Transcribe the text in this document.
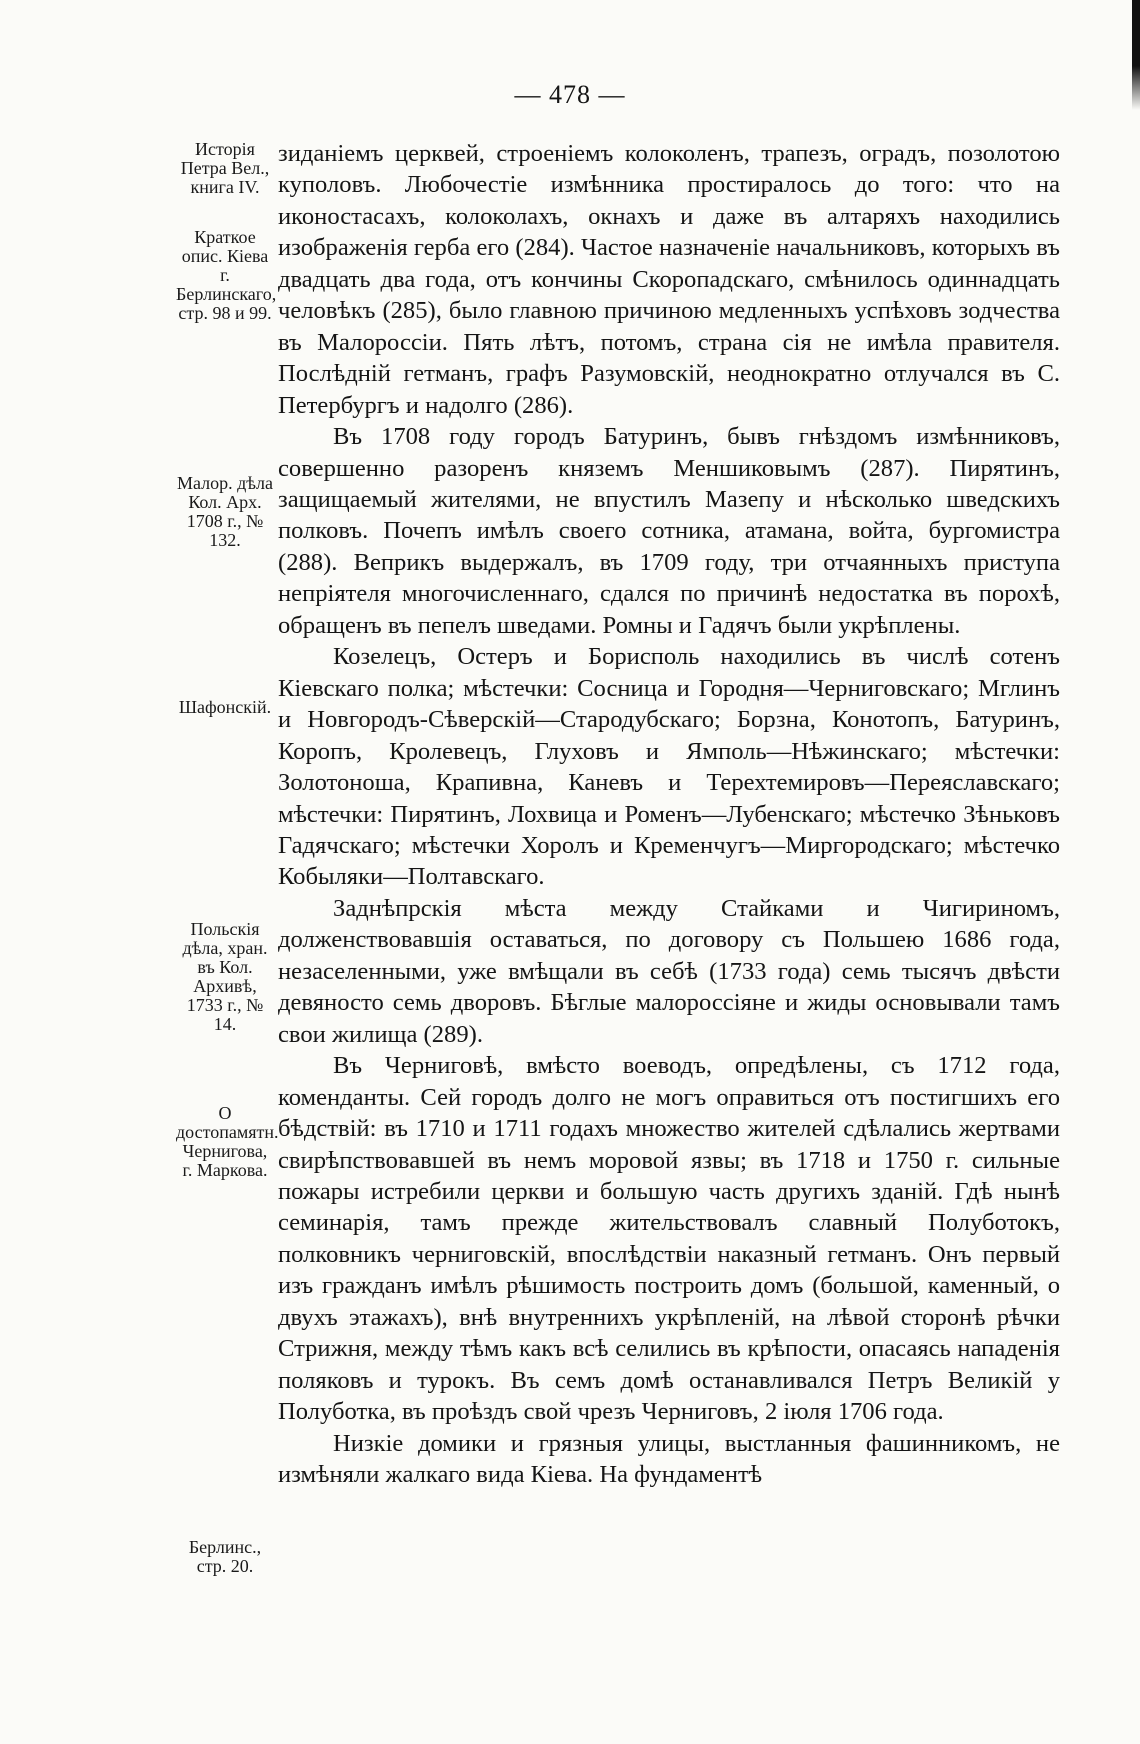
— 478 —

зиданіемъ церквей, строеніемъ колоколенъ, трапезъ, оградъ, позолотою куполовъ. Любочестіе измѣнника простиралось до того: что на иконостасахъ, колоколахъ, окнахъ и даже въ алтаряхъ находились изображенія герба его (284). Частое назначеніе начальниковъ, которыхъ въ двадцать два года, отъ кончины Скоропадскаго, смѣнилось одиннадцать человѣкъ (285), было главною причиною медленныхъ успѣховъ зодчества въ Малороссіи. Пять лѣтъ, потомъ, страна сія не имѣла правителя. Послѣдній гетманъ, графъ Разумовскій, неоднократно отлучался въ С. Петербургъ и надолго (286).

Въ 1708 году городъ Батуринъ, бывъ гнѣздомъ измѣнниковъ, совершенно разоренъ княземъ Меншиковымъ (287). Пирятинъ, защищаемый жителями, не впустилъ Мазепу и нѣсколько шведскихъ полковъ. Почепъ имѣлъ своего сотника, атамана, войта, бургомистра (288). Веприкъ выдержалъ, въ 1709 году, три отчаянныхъ приступа непріятеля многочисленнаго, сдался по причинѣ недостатка въ порохѣ, обращенъ въ пепелъ шведами. Ромны и Гадячъ были укрѣплены.

Козелецъ, Остеръ и Борисполь находились въ числѣ сотенъ Кіевскаго полка; мѣстечки: Сосница и Городня—Черниговскаго; Мглинъ и Новгородъ-Сѣверскій—Стародубскаго; Борзна, Конотопъ, Батуринъ, Коропъ, Кролевецъ, Глуховъ и Ямполь—Нѣжинскаго; мѣстечки: Золотоноша, Крапивна, Каневъ и Терехтемировъ—Переяславскаго; мѣстечки: Пирятинъ, Лохвица и Роменъ—Лубенскаго; мѣстечко Зѣньковъ Гадячскаго; мѣстечки Хоролъ и Кременчугъ—Миргородскаго; мѣстечко Кобыляки—Полтавскаго.

Заднѣпрскія мѣста между Стайками и Чигириномъ, долженствовавшія оставаться, по договору съ Польшею 1686 года, незаселенными, уже вмѣщали въ себѣ (1733 года) семь тысячъ двѣсти девяносто семь дворовъ. Бѣглые малороссіяне и жиды основывали тамъ свои жилища (289).

Въ Черниговѣ, вмѣсто воеводъ, опредѣлены, съ 1712 года, коменданты. Сей городъ долго не могъ оправиться отъ постигшихъ его бѣдствій: въ 1710 и 1711 годахъ множество жителей сдѣлались жертвами свирѣпствовавшей въ немъ моровой язвы; въ 1718 и 1750 г. сильные пожары истребили церкви и большую часть другихъ зданій. Гдѣ нынѣ семинарія, тамъ прежде жительствовалъ славный Полуботокъ, полковникъ черниговскій, впослѣдствіи наказный гетманъ. Онъ первый изъ гражданъ имѣлъ рѣшимость построить домъ (большой, каменный, о двухъ этажахъ), внѣ внутреннихъ укрѣпленій, на лѣвой сторонѣ рѣчки Стрижня, между тѣмъ какъ всѣ селились въ крѣпости, опасаясь нападенія поляковъ и турокъ. Въ семъ домѣ останавливался Петръ Великій у Полуботка, въ проѣздъ свой чрезъ Черниговъ, 2 іюля 1706 года.

Низкіе домики и грязныя улицы, выстланныя фашинникомъ, не измѣняли жалкаго вида Кіева. На фундаментѣ

Исторія Петра Вел., книга IV.
Краткое опис. Кіева г. Берлинскаго, стр. 98 и 99.
Малор. дѣла Кол. Арх. 1708 г., № 132.
Шафонскій.
Польскія дѣла, хран. въ Кол. Архивѣ, 1733 г., № 14.
О достопамятн. Чернигова, г. Маркова.
Берлинс., стр. 20.
